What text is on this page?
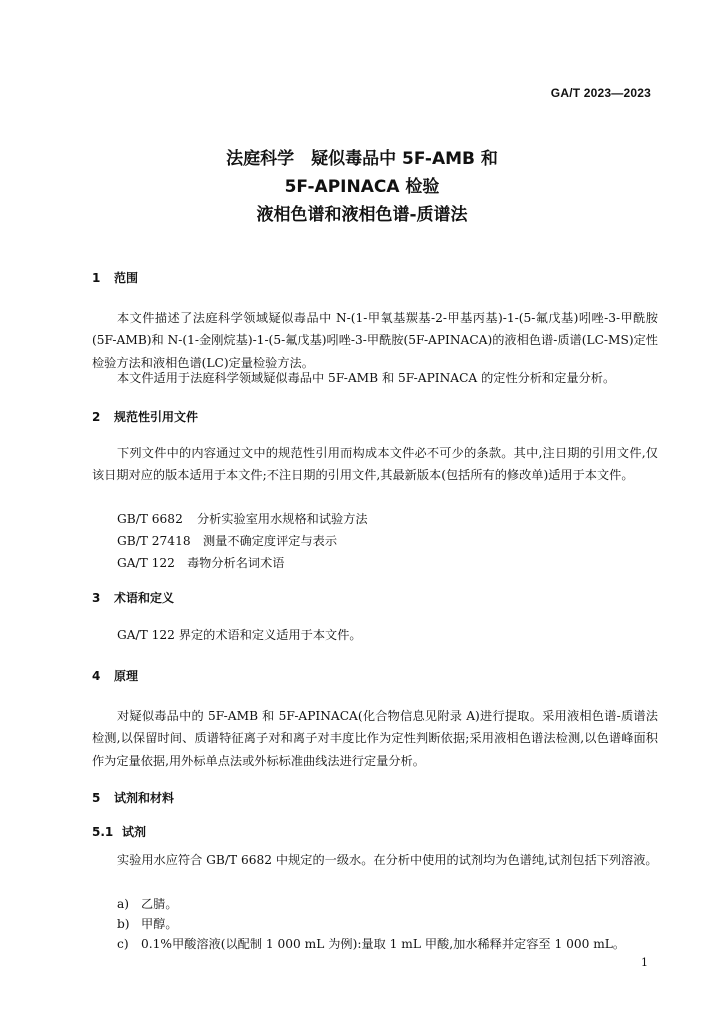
GA/T 2023—2023
法庭科学　疑似毒品中 5F-AMB 和
5F-APINACA 检验
液相色谱和液相色谱-质谱法
1 范围

本文件描述了法庭科学领域疑似毒品中 N-(1-甲氧基羰基-2-甲基丙基)-1-(5-氟戊基)吲唑-3-甲酰胺(5F-AMB)和 N-(1-金刚烷基)-1-(5-氟戊基)吲唑-3-甲酰胺(5F-APINACA)的液相色谱-质谱(LC-MS)定性检验方法和液相色谱(LC)定量检验方法。

本文件适用于法庭科学领域疑似毒品中 5F-AMB 和 5F-APINACA 的定性分析和定量分析。

2 规范性引用文件

下列文件中的内容通过文中的规范性引用而构成本文件必不可少的条款。其中,注日期的引用文件,仅该日期对应的版本适用于本文件;不注日期的引用文件,其最新版本(包括所有的修改单)适用于本文件。

GB/T 6682 分析实验室用水规格和试验方法
GB/T 27418 测量不确定度评定与表示
GA/T 122 毒物分析名词术语
3 术语和定义

GA/T 122 界定的术语和定义适用于本文件。

4 原理

对疑似毒品中的 5F-AMB 和 5F-APINACA(化合物信息见附录 A)进行提取。采用液相色谱-质谱法检测,以保留时间、质谱特征离子对和离子对丰度比作为定性判断依据;采用液相色谱法检测,以色谱峰面积作为定量依据,用外标单点法或外标标准曲线法进行定量分析。

5 试剂和材料
5.1 试剂

实验用水应符合 GB/T 6682 中规定的一级水。在分析中使用的试剂均为色谱纯,试剂包括下列溶液。

a) 乙腈。
b) 甲醇。
c) 0.1%甲酸溶液(以配制 1 000 mL 为例):量取 1 mL 甲酸,加水稀释并定容至 1 000 mL。
1
